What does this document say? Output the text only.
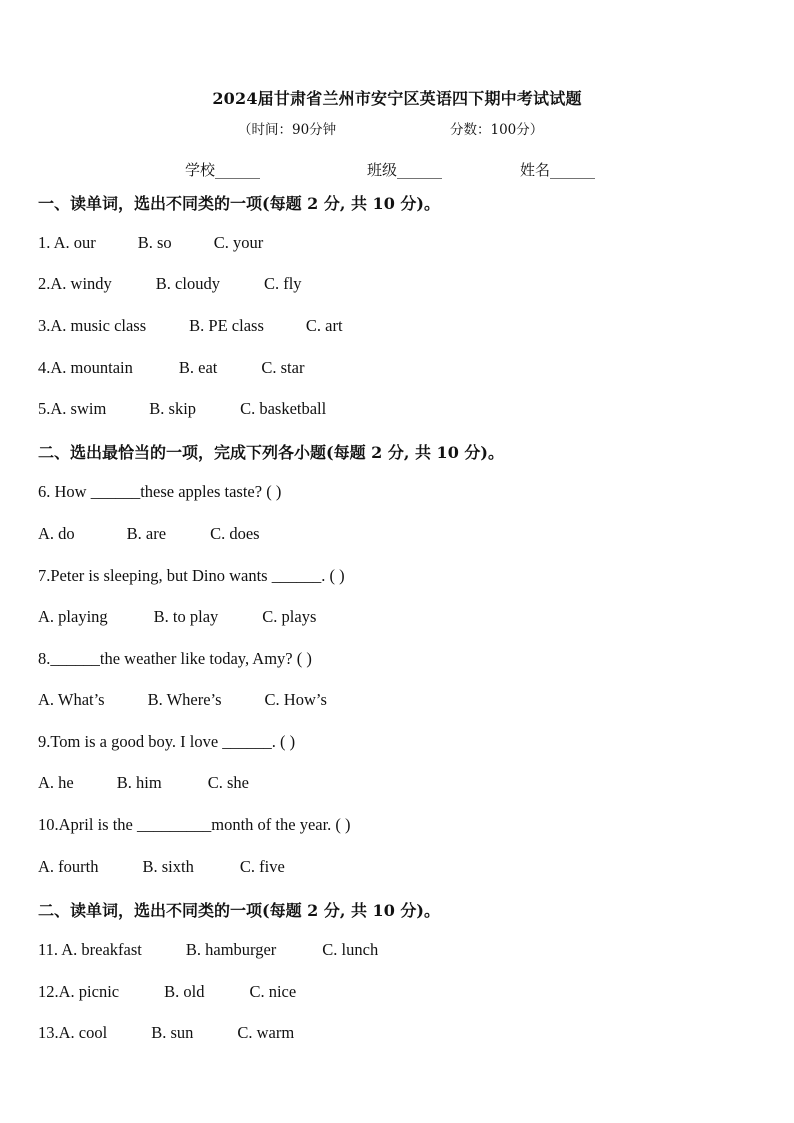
2024届甘肃省兰州市安宁区英语四下期中考试试题
（时间：90分钟	分数：100分）
学校______	班级______	姓名______
一、读单词，选出不同类的一项(每题 2 分, 共 10 分)。
1. A. our	B. so	C. your
2.A. windy	B. cloudy	C. fly
3.A. music class	B. PE class	C. art
4.A. mountain	B. eat	C. star
5.A. swim	B. skip	C. basketball
二、选出最恰当的一项，完成下列各小题(每题 2 分, 共 10 分)。
6. How ______these apples taste? ( )
A. do	B. are	C. does
7.Peter is sleeping, but Dino wants ______. ( )
A. playing	B. to play	C. plays
8.______the weather like today, Amy? ( )
A. What’s	B. Where’s	C. How’s
9.Tom is a good boy. I love ______. ( )
A. he	B. him	C. she
10.April is the _________month of the year. ( )
A. fourth	B. sixth	C. five
二、读单词，选出不同类的一项(每题 2 分, 共 10 分)。
11. A. breakfast	B. hamburger	C. lunch
12.A. picnic	B. old	C. nice
13.A. cool	B. sun	C. warm
